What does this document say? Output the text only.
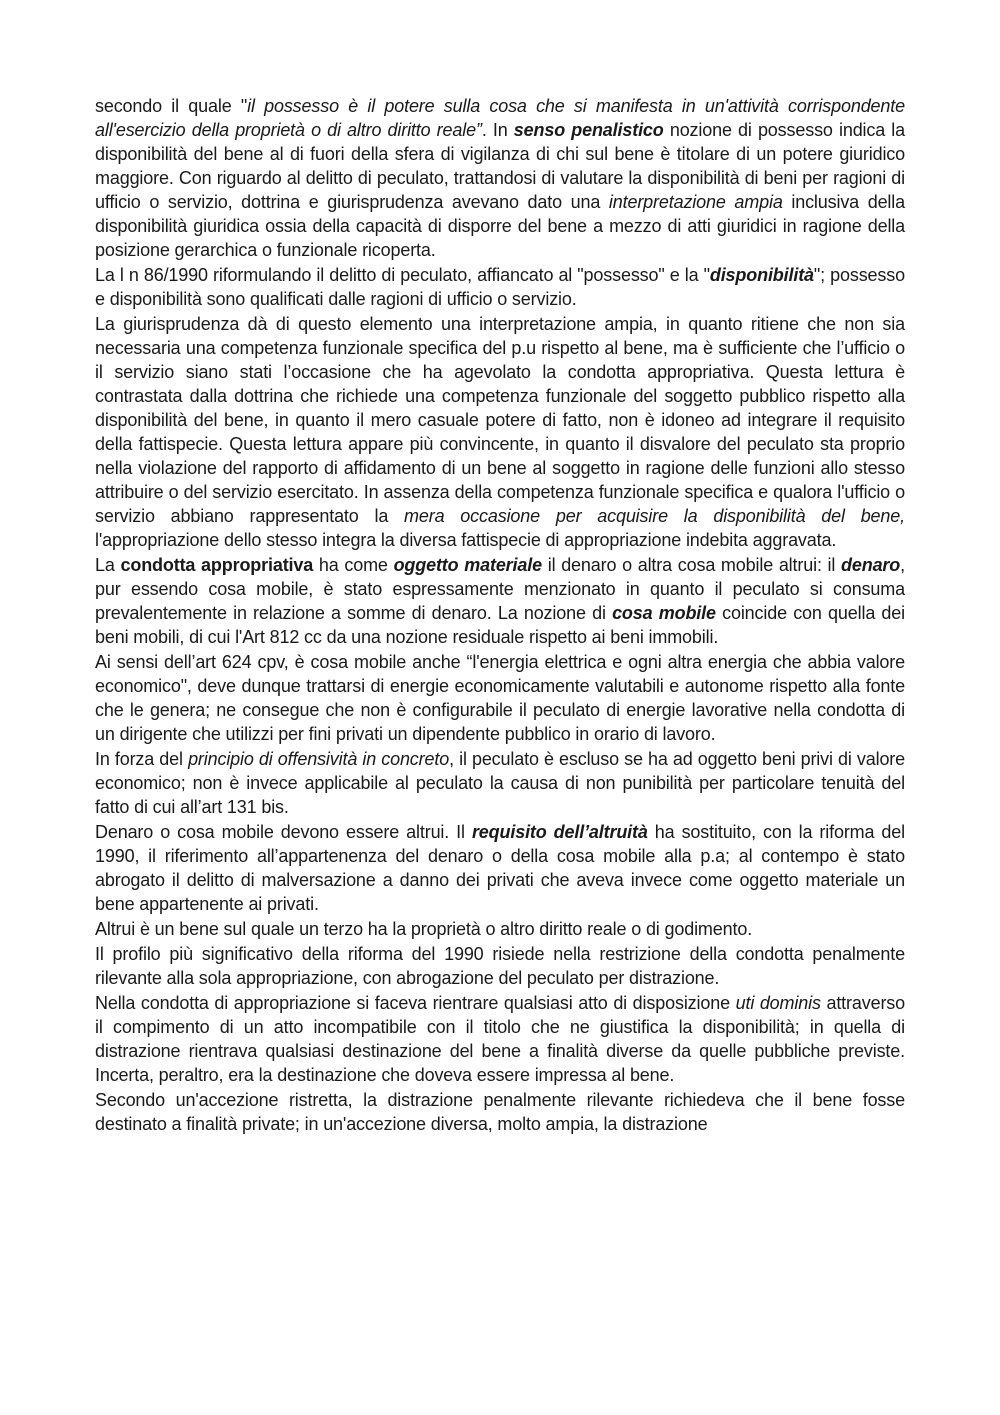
secondo il quale "il possesso è il potere sulla cosa che si manifesta in un'attività corrispondente all'esercizio della proprietà o di altro diritto reale”. In senso penalistico nozione di possesso indica la disponibilità del bene al di fuori della sfera di vigilanza di chi sul bene è titolare di un potere giuridico maggiore. Con riguardo al delitto di peculato, trattandosi di valutare la disponibilità di beni per ragioni di ufficio o servizio, dottrina e giurisprudenza avevano dato una interpretazione ampia inclusiva della disponibilità giuridica ossia della capacità di disporre del bene a mezzo di atti giuridici in ragione della posizione gerarchica o funzionale ricoperta.

La l n 86/1990 riformulando il delitto di peculato, affiancato al "possesso" e la "disponibilità"; possesso e disponibilità sono qualificati dalle ragioni di ufficio o servizio.

La giurisprudenza dà di questo elemento una interpretazione ampia, in quanto ritiene che non sia necessaria una competenza funzionale specifica del p.u rispetto al bene, ma è sufficiente che l’ufficio o il servizio siano stati l’occasione che ha agevolato la condotta appropriativa. Questa lettura è contrastata dalla dottrina che richiede una competenza funzionale del soggetto pubblico rispetto alla disponibilità del bene, in quanto il mero casuale potere di fatto, non è idoneo ad integrare il requisito della fattispecie. Questa lettura appare più convincente, in quanto il disvalore del peculato sta proprio nella violazione del rapporto di affidamento di un bene al soggetto in ragione delle funzioni allo stesso attribuire o del servizio esercitato. In assenza della competenza funzionale specifica e qualora l'ufficio o servizio abbiano rappresentato la mera occasione per acquisire la disponibilità del bene, l'appropriazione dello stesso integra la diversa fattispecie di appropriazione indebita aggravata.

La condotta appropriativa ha come oggetto materiale il denaro o altra cosa mobile altrui: il denaro, pur essendo cosa mobile, è stato espressamente menzionato in quanto il peculato si consuma prevalentemente in relazione a somme di denaro. La nozione di cosa mobile coincide con quella dei beni mobili, di cui l'Art 812 cc da una nozione residuale rispetto ai beni immobili.

Ai sensi dell’art 624 cpv, è cosa mobile anche “l'energia elettrica e ogni altra energia che abbia valore economico", deve dunque trattarsi di energie economicamente valutabili e autonome rispetto alla fonte che le genera; ne consegue che non è configurabile il peculato di energie lavorative nella condotta di un dirigente che utilizzi per fini privati un dipendente pubblico in orario di lavoro.

In forza del principio di offensività in concreto, il peculato è escluso se ha ad oggetto beni privi di valore economico; non è invece applicabile al peculato la causa di non punibilità per particolare tenuità del fatto di cui all’art 131 bis.

Denaro o cosa mobile devono essere altrui. Il requisito dell’altruità ha sostituito, con la riforma del 1990, il riferimento all’appartenenza del denaro o della cosa mobile alla p.a; al contempo è stato abrogato il delitto di malversazione a danno dei privati che aveva invece come oggetto materiale un bene appartenente ai privati.

Altrui è un bene sul quale un terzo ha la proprietà o altro diritto reale o di godimento.

Il profilo più significativo della riforma del 1990 risiede nella restrizione della condotta penalmente rilevante alla sola appropriazione, con abrogazione del peculato per distrazione.

Nella condotta di appropriazione si faceva rientrare qualsiasi atto di disposizione uti dominis attraverso il compimento di un atto incompatibile con il titolo che ne giustifica la disponibilità; in quella di distrazione rientrava qualsiasi destinazione del bene a finalità diverse da quelle pubbliche previste. Incerta, peraltro, era la destinazione che doveva essere impressa al bene.

Secondo un'accezione ristretta, la distrazione penalmente rilevante richiedeva che il bene fosse destinato a finalità private; in un'accezione diversa, molto ampia, la distrazione
